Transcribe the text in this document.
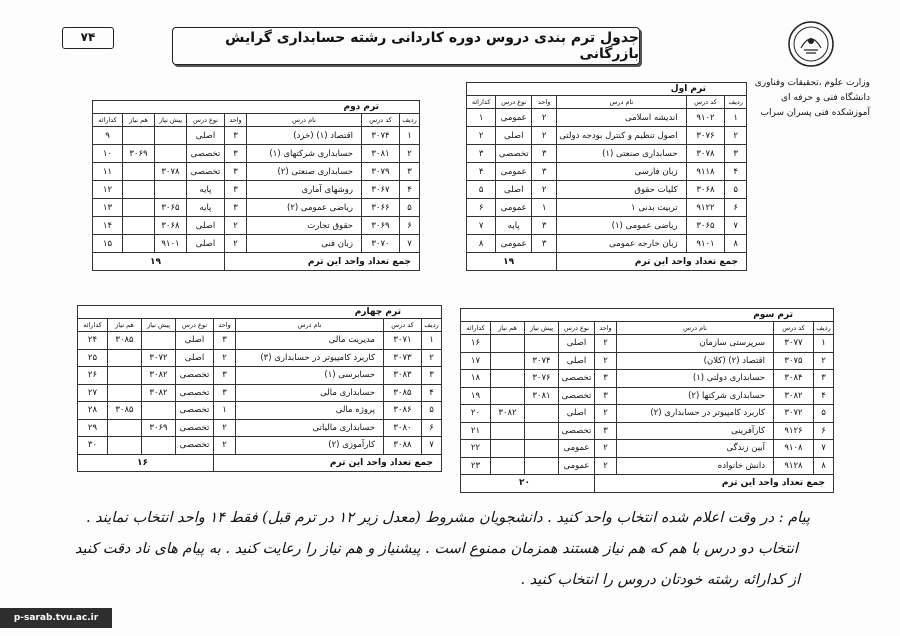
۷۴	جدول ترم بندی دروس دوره کاردانی رشته حسابداری گرایش بازرگانی
وزارت علوم ،تحقیقات وفناوری
دانشگاه فنی و حرفه ای
آموزشکده فنی پسران سراب
ترم اول					
ردیف	کد درس	نام درس	واحد	نوع درس	کدارائه
۱	۹۱۰۲	اندیشه اسلامی	۲	عمومی	۱
۲	۳۰۷۶	اصول تنظیم و کنترل بودجه دولتی	۲	اصلی	۲
۳	۳۰۷۸	حسابداری صنعتی (۱)	۳	تخصصی	۳
۴	۹۱۱۸	زبان فارسی	۳	عمومی	۴
۵	۳۰۶۸	کلیات حقوق	۲	اصلی	۵
۶	۹۱۲۲	تربیت بدنی ۱	۱	عمومی	۶
۷	۳۰۶۵	ریاضی عمومی (۱)	۳	پایه	۷
۸	۹۱۰۱	زبان خارجه عمومی	۳	عمومی	۸
جمع تعداد واحد این ترم			۱۹		
ترم دوم							
ردیف	کد درس	نام درس	واحد	نوع درس	پیش نیاز	هم نیاز	کدارائه
۱	۳۰۷۴	اقتصاد (۱) (خرد)	۳	اصلی			۹
۲	۳۰۸۱	حسابداری شرکتهای (۱)	۳	تخصصی		۳۰۶۹	۱۰
۳	۳۰۷۹	حسابداری صنعتی (۲)	۳	تخصصی	۳۰۷۸		۱۱
۴	۳۰۶۷	روشهای آماری	۳	پایه			۱۲
۵	۳۰۶۶	ریاضی عمومی (۲)	۳	پایه	۳۰۶۵		۱۳
۶	۳۰۶۹	حقوق تجارت	۲	اصلی	۳۰۶۸		۱۴
۷	۳۰۷۰	زبان فنی	۲	اصلی	۹۱۰۱		۱۵
جمع تعداد واحد این ترم				۱۹			
ترم سوم							
ردیف	کد درس	نام درس	واحد	نوع درس	پیش نیاز	هم نیاز	کدارائه
۱	۳۰۷۷	سرپرستی سازمان	۲	اصلی			۱۶
۲	۳۰۷۵	اقتصاد (۲) (کلان)	۲	اصلی	۳۰۷۴		۱۷
۳	۳۰۸۴	حسابداری دولتی (۱)	۳	تخصصی	۳۰۷۶		۱۸
۴	۳۰۸۲	حسابداری شرکتها (۲)	۳	تخصصی	۳۰۸۱		۱۹
۵	۳۰۷۲	کاربرد کامپیوتر در حسابداری (۲)	۲	اصلی		۳۰۸۲	۲۰
۶	۹۱۲۶	کارآفرینی	۳	تخصصی			۲۱
۷	۹۱۰۸	آیین زندگی	۲	عمومی			۲۲
۸	۹۱۲۸	دانش خانواده	۲	عمومی			۲۳
جمع تعداد واحد این ترم				۲۰			
ترم چهارم							
ردیف	کد درس	نام درس	واحد	نوع درس	پیش نیاز	هم نیاز	کدارائه
۱	۳۰۷۱	مدیریت مالی	۳	اصلی		۳۰۸۵	۲۴
۲	۳۰۷۳	کاربرد کامپیوتر در حسابداری (۳)	۲	اصلی	۳۰۷۲		۲۵
۳	۳۰۸۳	حسابرسی (۱)	۳	تخصصی	۳۰۸۲		۲۶
۴	۳۰۸۵	حسابداری مالی	۳	تخصصی	۳۰۸۲		۲۷
۵	۳۰۸۶	پروژه مالی	۱	تخصصی		۳۰۸۵	۲۸
۶	۳۰۸۰	حسابداری مالیاتی	۲	تخصصی	۳۰۶۹		۲۹
۷	۳۰۸۸	کارآموزی (۲)	۲	تخصصی			۳۰
جمع تعداد واحد این ترم				۱۶			
پیام : در وقت اعلام شده انتخاب واحد کنید . دانشجویان مشروط (معدل زیر ۱۲ در ترم قبل) فقط ۱۴ واحد انتخاب نمایند .
انتخاب دو درس با هم که هم نیاز هستند همزمان ممنوع است . پیشنیاز و هم نیاز را رعایت کنید . به پیام های ناد دقت کنید
از کدارائه رشته خودتان دروس را انتخاب کنید .
p-sarab.tvu.ac.ir
